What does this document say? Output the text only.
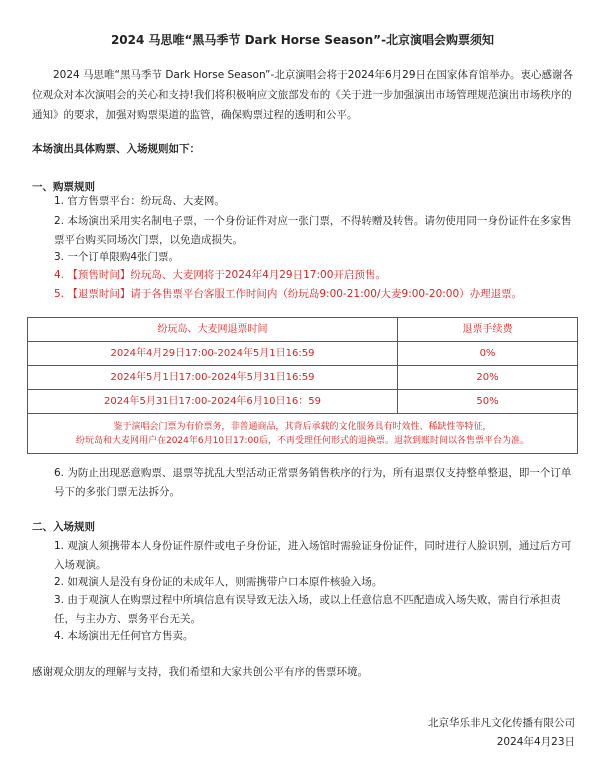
2024 马思唯“黑马季节 Dark Horse Season”-北京演唱会购票须知
2024 马思唯“黑马季节 Dark Horse Season”-北京演唱会将于2024年6月29日在国家体育馆举办。衷心感谢各位观众对本次演唱会的关心和支持!我们将积极响应文旅部发布的《关于进一步加强演出市场管理规范演出市场秩序的通知》的要求，加强对购票渠道的监管，确保购票过程的透明和公平。
本场演出具体购票、入场规则如下：
一、购票规则
1. 官方售票平台：纷玩岛、大麦网。
2. 本场演出采用实名制电子票，一个身份证件对应一张门票，不得转赠及转售。请勿使用同一身份证件在多家售票平台购买同场次门票，以免造成损失。
3. 一个订单限购4张门票。
4. 【预售时间】纷玩岛、大麦网将于2024年4月29日17:00开启预售。
5. 【退票时间】请于各售票平台客服工作时间内（纷玩岛9:00-21:00/大麦9:00-20:00）办理退票。
纷玩岛、大麦网退票时间	退票手续费
2024年4月29日17:00-2024年5月1日16:59	0%
2024年5月1日17:00-2024年5月31日16:59	20%
2024年5月31日17:00-2024年6月10日16：59	50%

鉴于演唱会门票为有价票务，非普通商品，其背后承载的文化服务具有时效性、稀缺性等特征，
纷玩岛和大麦网用户在2024年6月10日17:00后，不再受理任何形式的退换票。退款到账时间以各售票平台为准。	
6. 为防止出现恶意购票、退票等扰乱大型活动正常票务销售秩序的行为，所有退票仅支持整单整退，即一个订单号下的多张门票无法拆分。
二、入场规则
1. 观演人须携带本人身份证件原件或电子身份证，进入场馆时需验证身份证件，同时进行人脸识别，通过后方可入场观演。
2. 如观演人是没有身份证的未成年人，则需携带户口本原件核验入场。
3. 由于观演人在购票过程中所填信息有误导致无法入场，或以上任意信息不匹配造成入场失败，需自行承担责任，与主办方、票务平台无关。
4. 本场演出无任何官方售卖。
感谢观众朋友的理解与支持，我们希望和大家共创公平有序的售票环境。
北京华乐非凡文化传播有限公司
2024年4月23日
